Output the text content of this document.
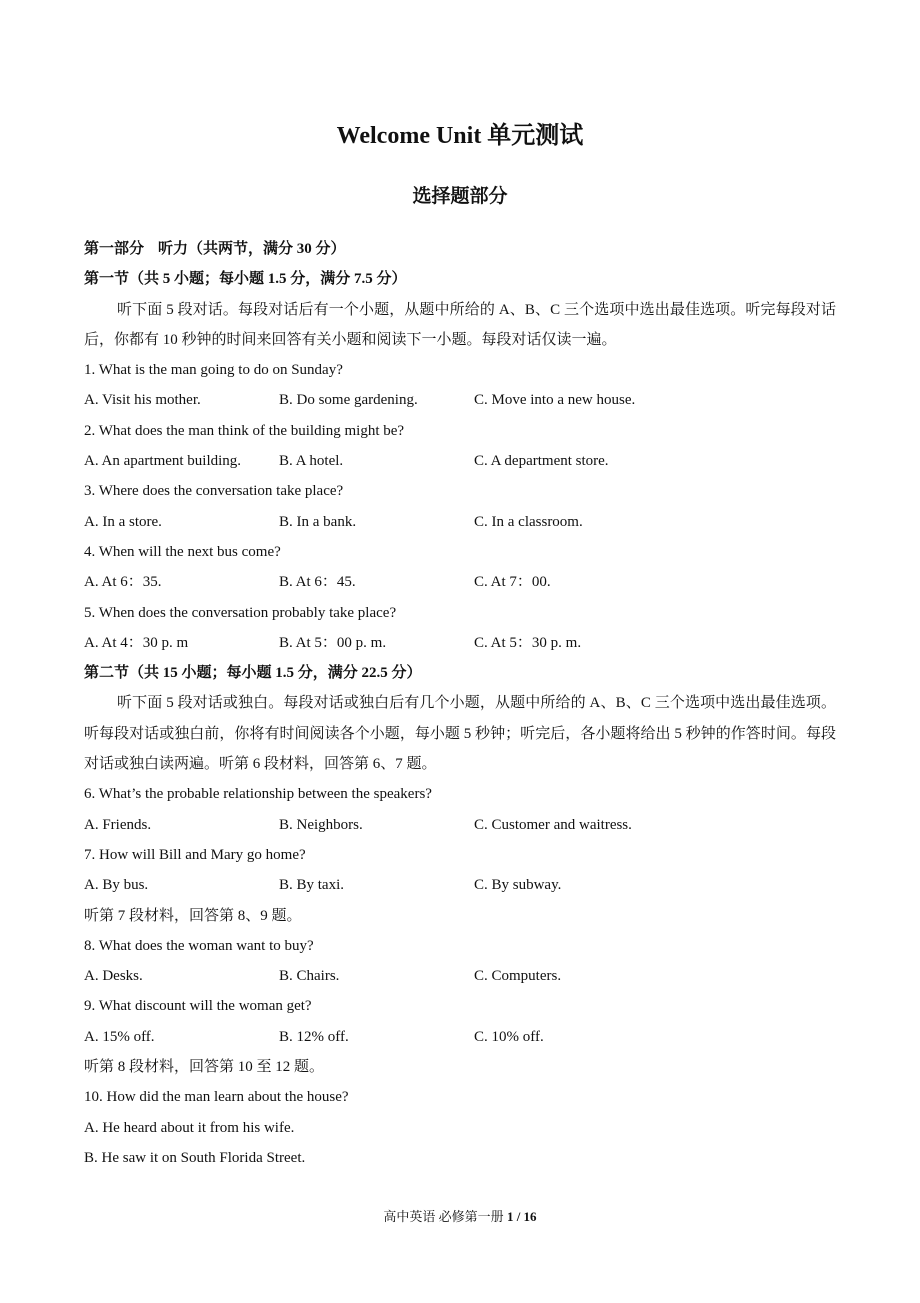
Welcome Unit 单元测试
选择题部分
第一部分 听力（共两节，满分 30 分）
第一节（共 5 小题；每小题 1.5 分，满分 7.5 分）
听下面 5 段对话。每段对话后有一个小题，从题中所给的 A、B、C 三个选项中选出最佳选项。听完每段对话后，你都有 10 秒钟的时间来回答有关小题和阅读下一小题。每段对话仅读一遍。
1. What is the man going to do on Sunday?
A. Visit his mother.	B. Do some gardening.	C. Move into a new house.
2. What does the man think of the building might be?
A. An apartment building.	B. A hotel.	C. A department store.
3. Where does the conversation take place?
A. In a store.	B. In a bank.	C. In a classroom.
4. When will the next bus come?
A. At 6：35.	B. At 6：45.	C. At 7：00.
5. When does the conversation probably take place?
A. At 4：30 p. m	B. At 5：00 p. m.	C. At 5：30 p. m.
第二节（共 15 小题；每小题 1.5 分，满分 22.5 分）
听下面 5 段对话或独白。每段对话或独白后有几个小题，从题中所给的 A、B、C 三个选项中选出最佳选项。听每段对话或独白前，你将有时间阅读各个小题，每小题 5 秒钟；听完后，各小题将给出 5 秒钟的作答时间。每段对话或独白读两遍。听第 6 段材料，回答第 6、7 题。
6. What’s the probable relationship between the speakers?
A. Friends.	B. Neighbors.	C. Customer and waitress.
7. How will Bill and Mary go home?
A. By bus.	B. By taxi.	C. By subway.
听第 7 段材料，回答第 8、9 题。
8. What does the woman want to buy?
A. Desks.	B. Chairs.	C. Computers.
9. What discount will the woman get?
A. 15% off.	B. 12% off.	C. 10% off.
听第 8 段材料，回答第 10 至 12 题。
10. How did the man learn about the house?
A. He heard about it from his wife.
B. He saw it on South Florida Street.
高中英语 必修第一册 1 / 16
